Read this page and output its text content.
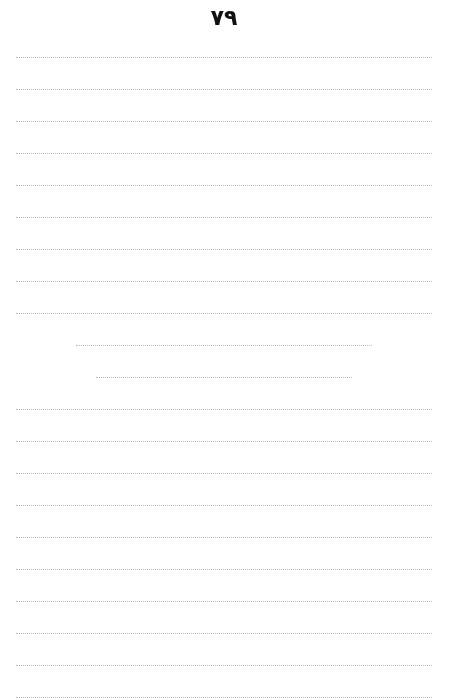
٧٩
